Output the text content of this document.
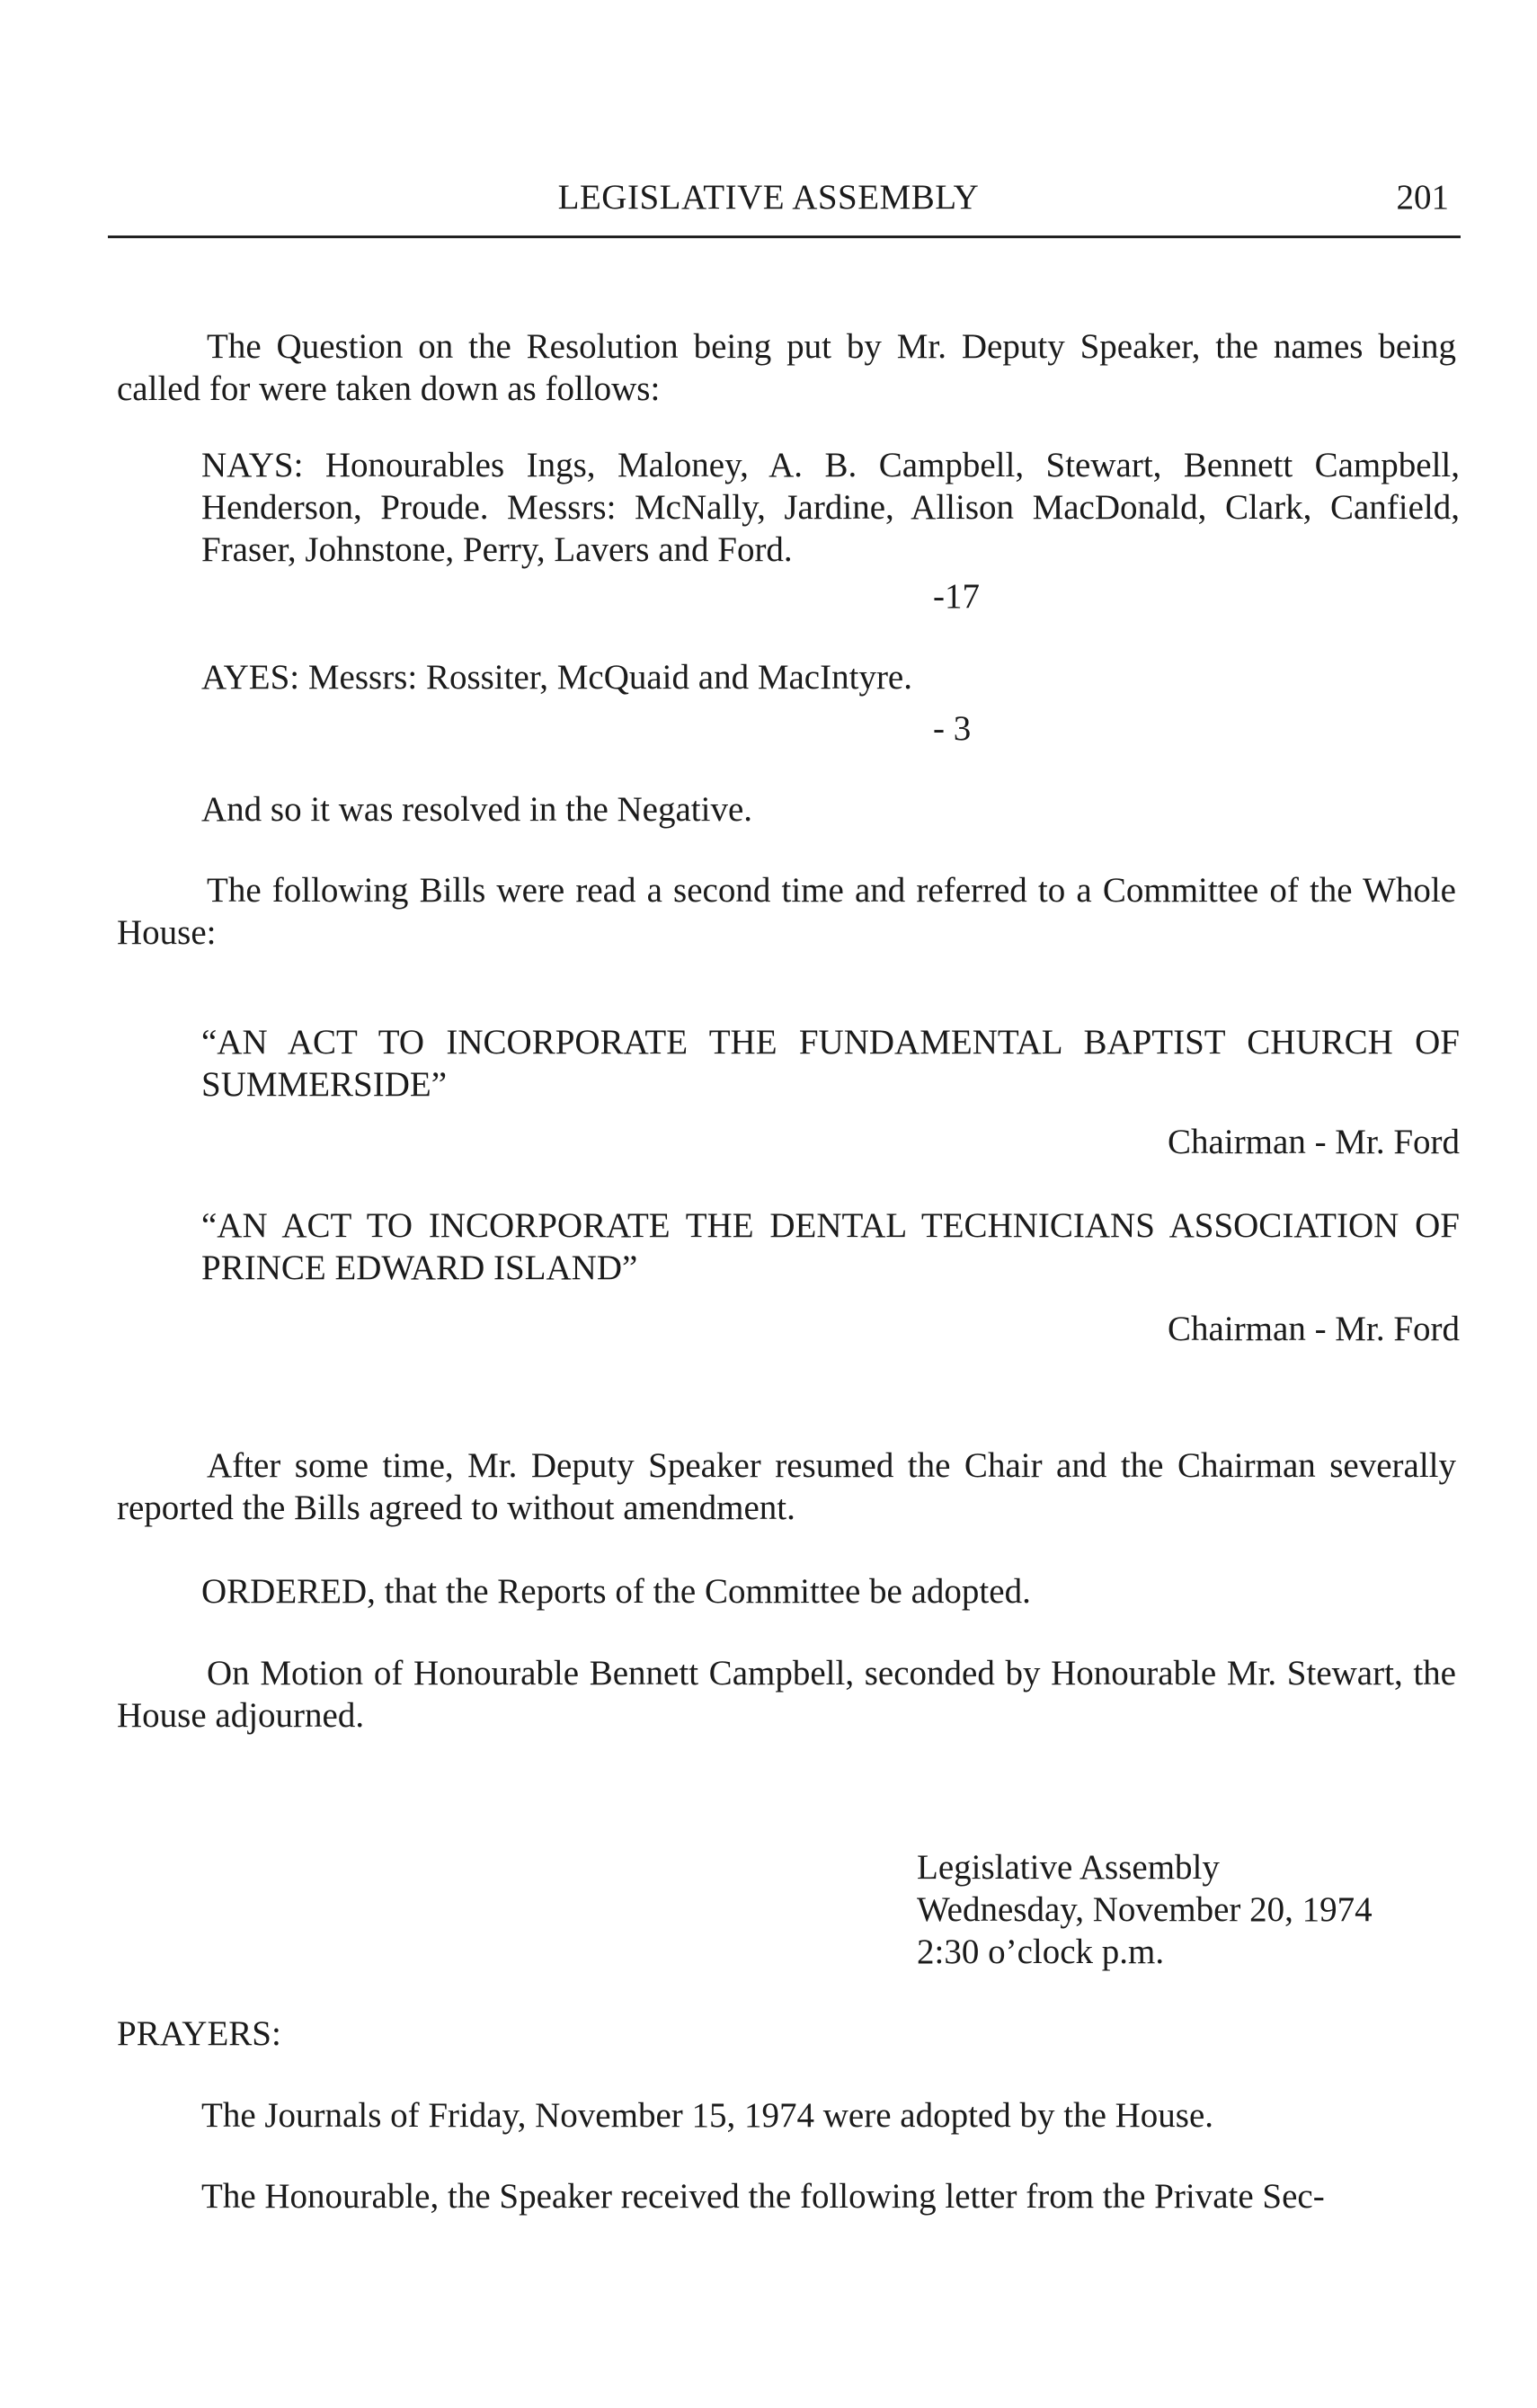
LEGISLATIVE ASSEMBLY	201
The Question on the Resolution being put by Mr. Deputy Speaker, the names being called for were taken down as follows:
NAYS: Honourables Ings, Maloney, A. B. Campbell, Stewart, Bennett Campbell, Henderson, Proude. Messrs: McNally, Jardine, Allison MacDonald, Clark, Canfield, Fraser, Johnstone, Perry, Lavers and Ford.
-17
AYES: Messrs: Rossiter, McQuaid and MacIntyre.
- 3
And so it was resolved in the Negative.
The following Bills were read a second time and referred to a Committee of the Whole House:
“AN ACT TO INCORPORATE THE FUNDAMENTAL BAPTIST CHURCH OF SUMMERSIDE”
Chairman - Mr. Ford
“AN ACT TO INCORPORATE THE DENTAL TECHNICIANS ASSOCIATION OF PRINCE EDWARD ISLAND”
Chairman - Mr. Ford
After some time, Mr. Deputy Speaker resumed the Chair and the Chairman severally reported the Bills agreed to without amendment.
ORDERED, that the Reports of the Committee be adopted.
On Motion of Honourable Bennett Campbell, seconded by Honourable Mr. Stewart, the House adjourned.
Legislative Assembly
Wednesday, November 20, 1974
2:30 o’clock p.m.
PRAYERS:
The Journals of Friday, November 15, 1974 were adopted by the House.
The Honourable, the Speaker received the following letter from the Private Sec-
